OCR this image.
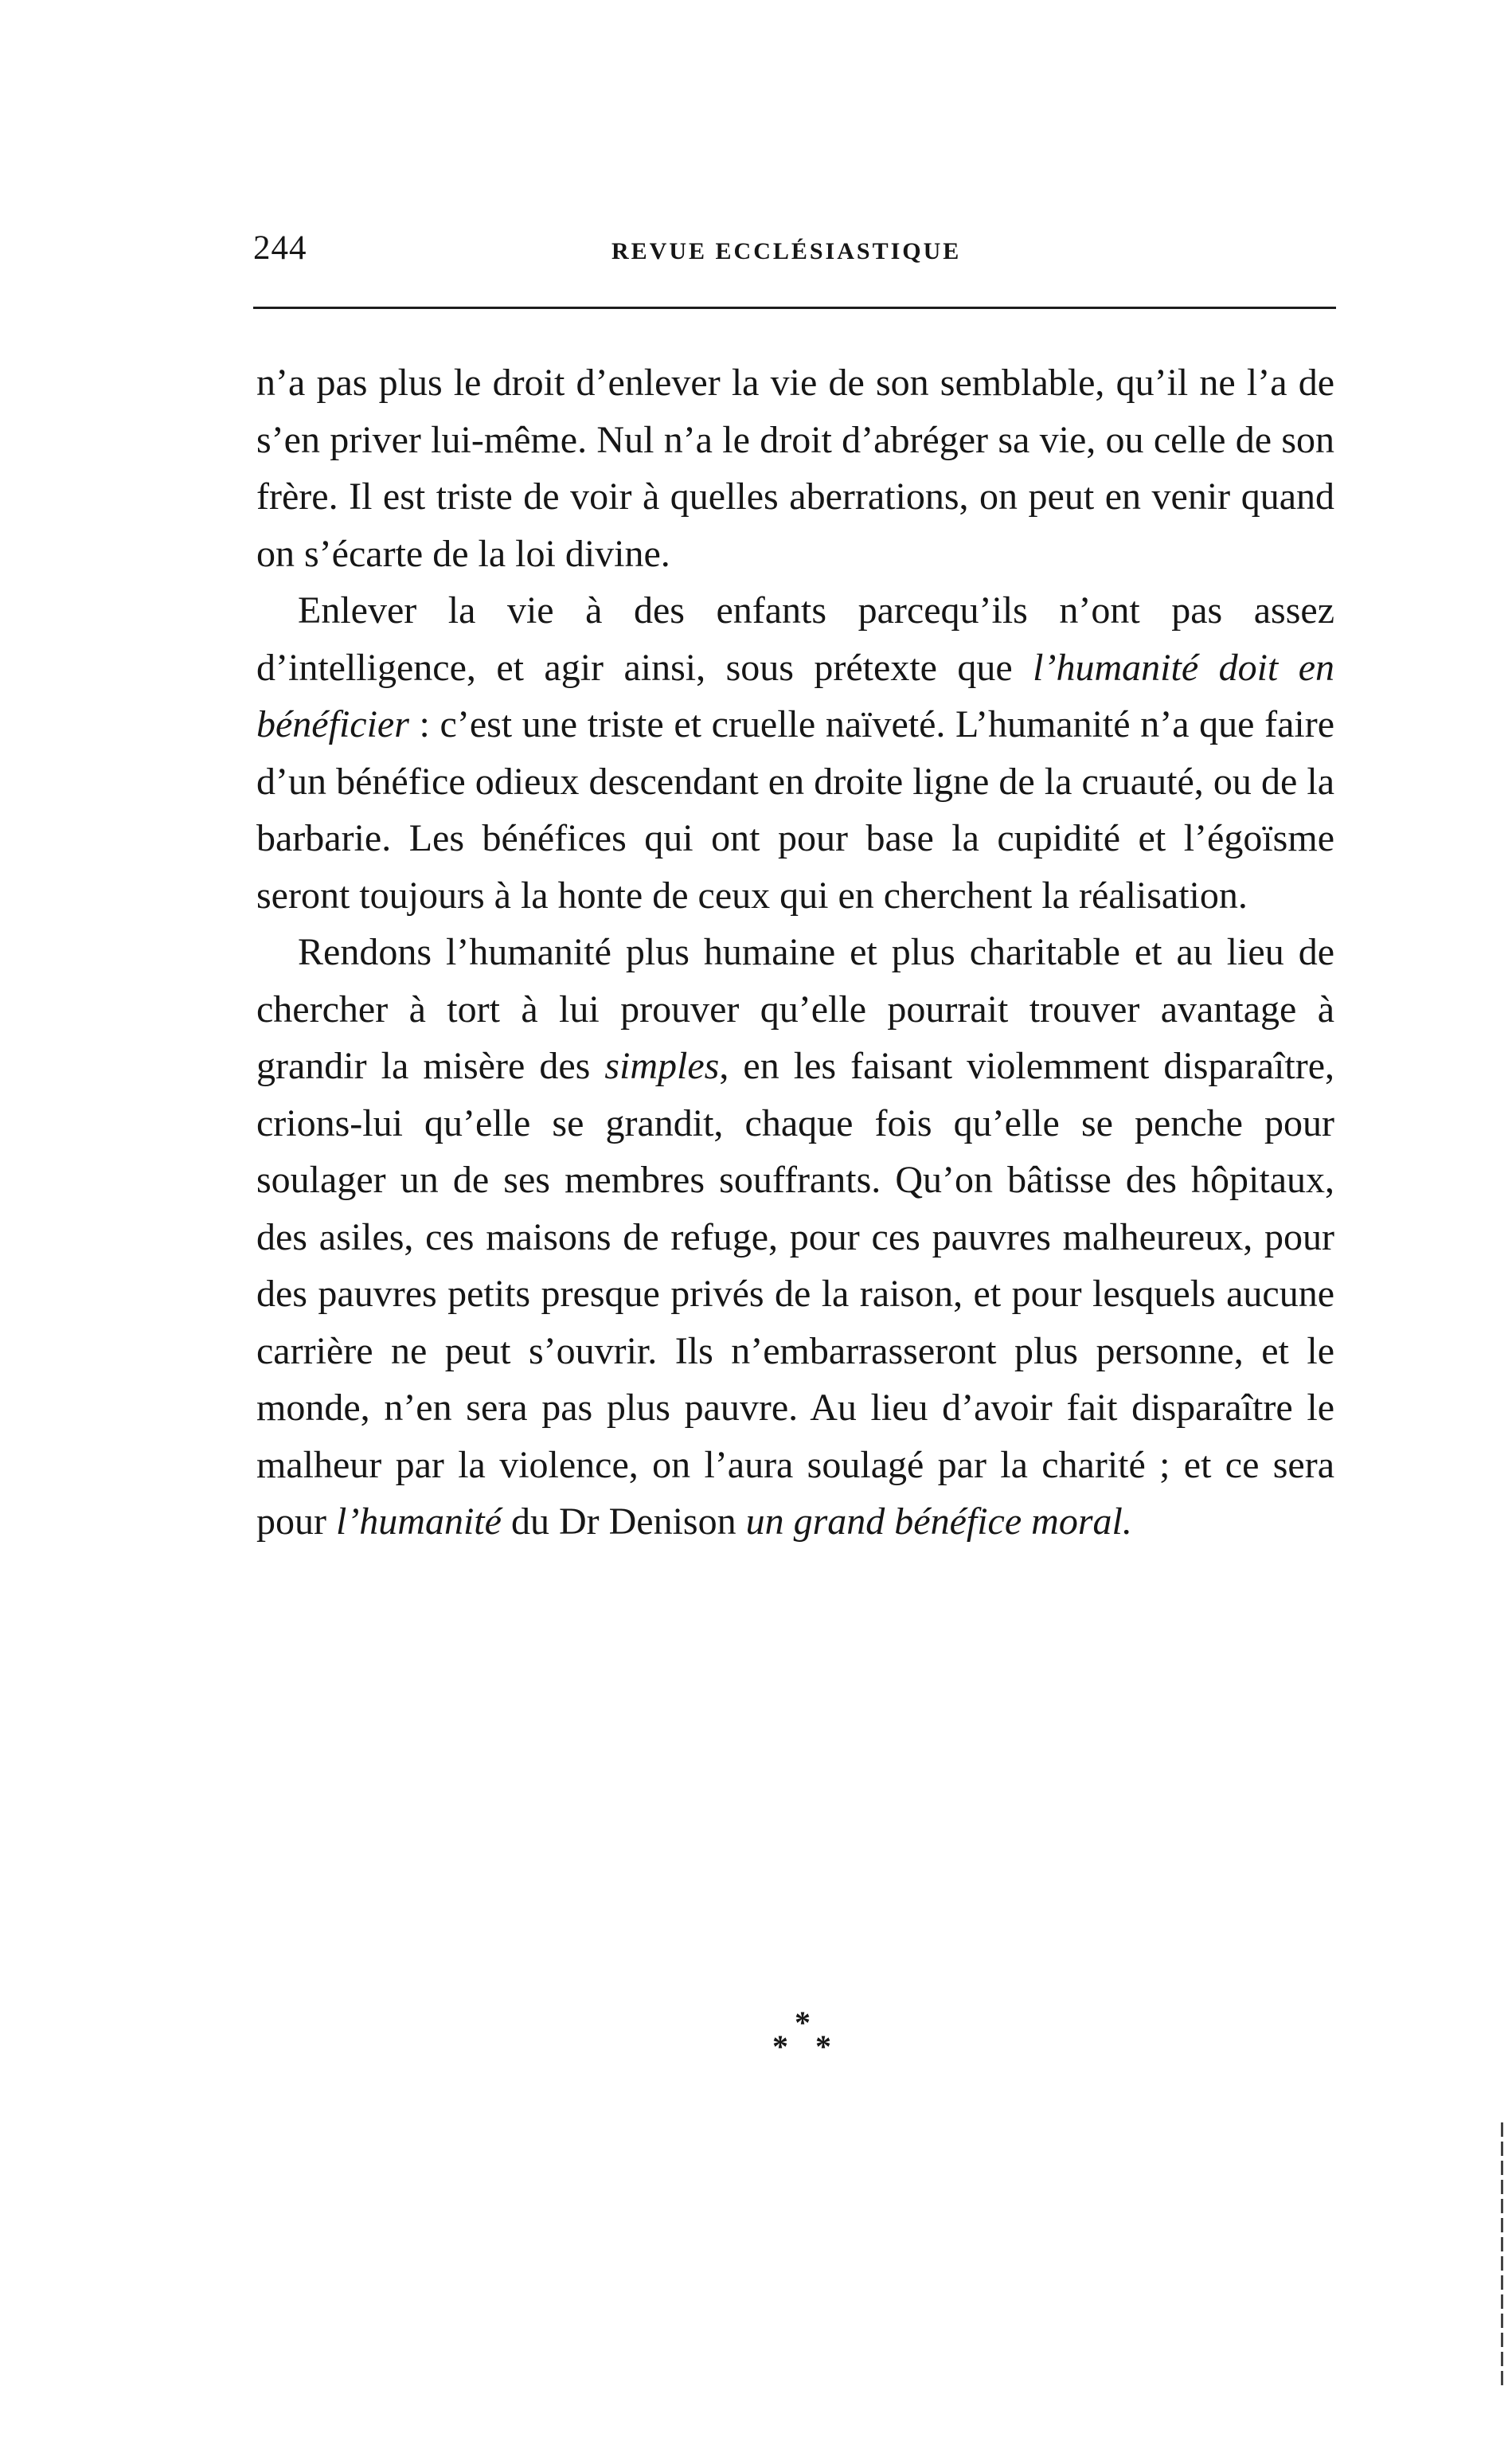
244	REVUE ECCLÉSIASTIQUE

n’a pas plus le droit d’enlever la vie de son semblable, qu’il ne l’a de s’en priver lui-même. Nul n’a le droit d’abréger sa vie, ou celle de son frère. Il est triste de voir à quelles aberrations, on peut en venir quand on s’écarte de la loi divine.

Enlever la vie à des enfants parcequ’ils n’ont pas assez d’intelligence, et agir ainsi, sous prétexte que l’humanité doit en bénéficier : c’est une triste et cruelle naïveté. L’humanité n’a que faire d’un bénéfice odieux descendant en droite ligne de la cruauté, ou de la barbarie. Les bénéfices qui ont pour base la cupidité et l’égoïsme seront toujours à la honte de ceux qui en cherchent la réalisation.

Rendons l’humanité plus humaine et plus charitable et au lieu de chercher à tort à lui prouver qu’elle pourrait trouver avantage à grandir la misère des simples, en les faisant violemment disparaître, crions-lui qu’elle se grandit, chaque fois qu’elle se penche pour soulager un de ses membres souffrants. Qu’on bâtisse des hôpitaux, des asiles, ces maisons de refuge, pour ces pauvres malheureux, pour des pauvres petits presque privés de la raison, et pour lesquels aucune carrière ne peut s’ouvrir. Ils n’embarrasseront plus personne, et le monde, n’en sera pas plus pauvre. Au lieu d’avoir fait disparaître le malheur par la violence, on l’aura soulagé par la charité ; et ce sera pour l’humanité du Dr Denison un grand bénéfice moral.

*
* *
